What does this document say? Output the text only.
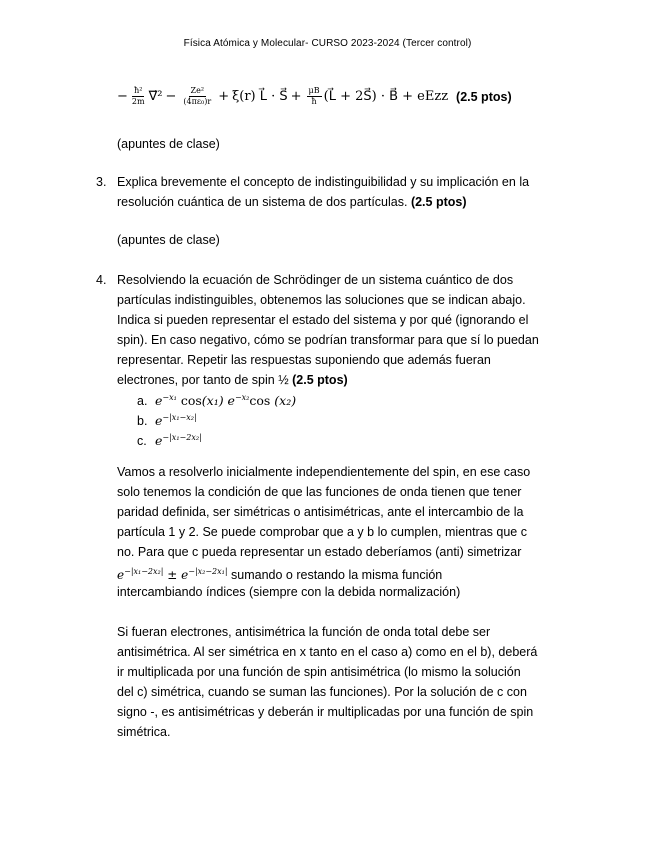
Física Atómica y Molecular- CURSO 2023-2024 (Tercer control)
− $\frac{\text{ħ²}}{2m}$ ∇⃗² − $\frac{\text{Ze²}}{\text{(4πε₀)r}} + \xi(r)$ L⃗ · S⃗ + $\frac{\mu B}{ħ}$ (L⃗ + 2S⃗) · B⃗ + eEzz (2.5 ptos)
(apuntes de clase)
3. Explica brevemente el concepto de indistinguibilidad y su implicación en la
resolución cuántica de un sistema de dos partículas. (2.5 ptos)
(apuntes de clase)
4. Resolviendo la ecuación de Schrödinger de un sistema cuántico de dos
partículas indistinguibles, obtenemos las soluciones que se indican abajo.
Indica si pueden representar el estado del sistema y por qué (ignorando el
spin). En caso negativo, cómo se podrían transformar para que sí lo puedan
representar. Repetir las respuestas suponiendo que además fueran
electrones, por tanto de spin ½ (2.5 ptos)
a. $e^{-x_1}$ cos(x₁) $e^{-x_2}\cos$ (x₂)
b. $e^{-|x_1-x_2|}$
c. $e^{-|x_1-2x_2|}$
Vamos a resolverlo inicialmente independientemente del spin, en ese caso
solo tenemos la condición de que las funciones de onda tienen que tener
paridad definida, ser simétricas o antisimétricas, ante el intercambio de la
partícula 1 y 2. Se puede comprobar que a y b lo cumplen, mientras que c
no. Para que c pueda representar un estado deberíamos (anti) simetrizar
$e^{-|x_1-2x_2|} \pm e^{-|x_2-2x_1|}$ sumando o restando la misma función
intercambiando índices (siempre con la debida normalización)
Si fueran electrones, antisimétrica la función de onda total debe ser
antisimétrica. Al ser simétrica en x tanto en el caso a) como en el b), deberá
ir multiplicada por una función de spin antisimétrica (lo mismo la solución
del c) simétrica, cuando se suman las funciones). Por la solución de c con
signo -, es antisimétricas y deberán ir multiplicadas por una función de spin
simétrica.
